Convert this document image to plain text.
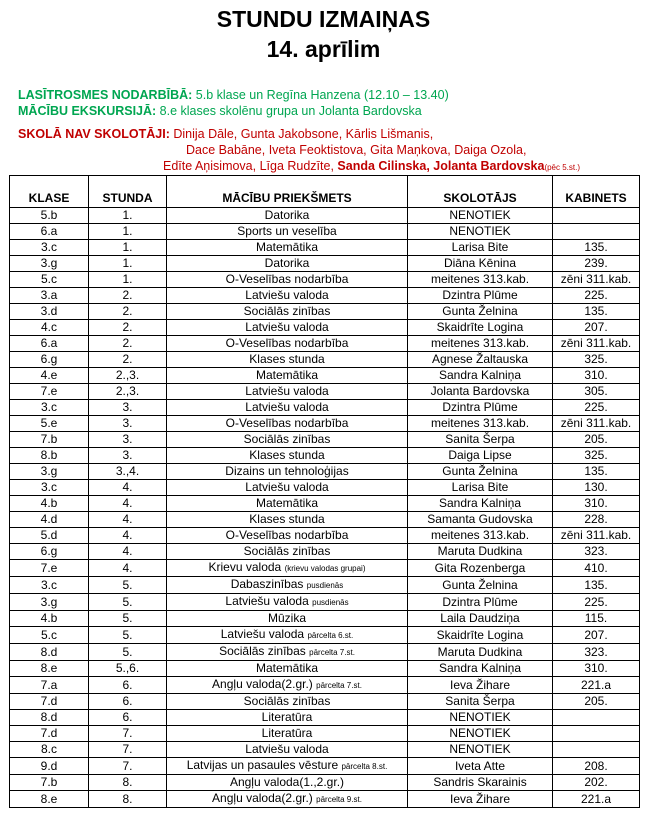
STUNDU IZMAIŅAS
14. aprīlim
LASĪTROSMES NODARBĪBĀ: 5.b klase un Regīna Hanzena (12.10 – 13.40)
MĀCĪBU EKSKURSIJĀ: 8.e klases skolēnu grupa un Jolanta Bardovska
SKOLĀ NAV SKOLOTĀJI: Dinija Dāle, Gunta Jakobsone, Kārlis Lišmanis,
Dace Babāne, Iveta Feoktistova, Gita Maņkova, Daiga Ozola,
Edīte Aņisimova, Līga Rudzīte, Sanda Cilinska, Jolanta Bardovska(pēc 5.st.)
KLASE	STUNDA	MĀCĪBU PRIEKŠMETS	SKOLOTĀJS	KABINETS
5.b	1.	Datorika	NENOTIEK	
6.a	1.	Sports un veselība	NENOTIEK	
3.c	1.	Matemātika	Larisa Bite	135.
3.g	1.	Datorika	Diāna Kēnina	239.
5.c	1.	O-Veselības nodarbība	meitenes 313.kab.	zēni 311.kab.
3.a	2.	Latviešu valoda	Dzintra Plūme	225.
3.d	2.	Sociālās zinības	Gunta Želnina	135.
4.c	2.	Latviešu valoda	Skaidrīte Logina	207.
6.a	2.	O-Veselības nodarbība	meitenes 313.kab.	zēni 311.kab.
6.g	2.	Klases stunda	Agnese Žaltauska	325.
4.e	2.,3.	Matemātika	Sandra Kalniņa	310.
7.e	2.,3.	Latviešu valoda	Jolanta Bardovska	305.
3.c	3.	Latviešu valoda	Dzintra Plūme	225.
5.e	3.	O-Veselības nodarbība	meitenes 313.kab.	zēni 311.kab.
7.b	3.	Sociālās zinības	Sanita Šerpa	205.
8.b	3.	Klases stunda	Daiga Lipse	325.
3.g	3.,4.	Dizains un tehnoloģijas	Gunta Želnina	135.
3.c	4.	Latviešu valoda	Larisa Bite	130.
4.b	4.	Matemātika	Sandra Kalniņa	310.
4.d	4.	Klases stunda	Samanta Gudovska	228.
5.d	4.	O-Veselības nodarbība	meitenes 313.kab.	zēni 311.kab.
6.g	4.	Sociālās zinības	Maruta Dudkina	323.
7.e	4.	Krievu valoda (krievu valodas grupai)	Gita Rozenberga	410.
3.c	5.	Dabaszinības pusdienās	Gunta Želnina	135.
3.g	5.	Latviešu valoda pusdienās	Dzintra Plūme	225.
4.b	5.	Mūzika	Laila Daudziņa	115.
5.c	5.	Latviešu valoda pārcelta 6.st.	Skaidrīte Logina	207.
8.d	5.	Sociālās zinības pārcelta 7.st.	Maruta Dudkina	323.
8.e	5.,6.	Matemātika	Sandra Kalniņa	310.
7.a	6.	Angļu valoda(2.gr.) pārcelta 7.st.	Ieva Žihare	221.a
7.d	6.	Sociālās zinības	Sanita Šerpa	205.
8.d	6.	Literatūra	NENOTIEK	
7.d	7.	Literatūra	NENOTIEK	
8.c	7.	Latviešu valoda	NENOTIEK	
9.d	7.	Latvijas un pasaules vēsture pārcelta 8.st.	Iveta Atte	208.
7.b	8.	Angļu valoda(1.,2.gr.)	Sandris Skarainis	202.
8.e	8.	Angļu valoda(2.gr.) pārcelta 9.st.	Ieva Žihare	221.a
